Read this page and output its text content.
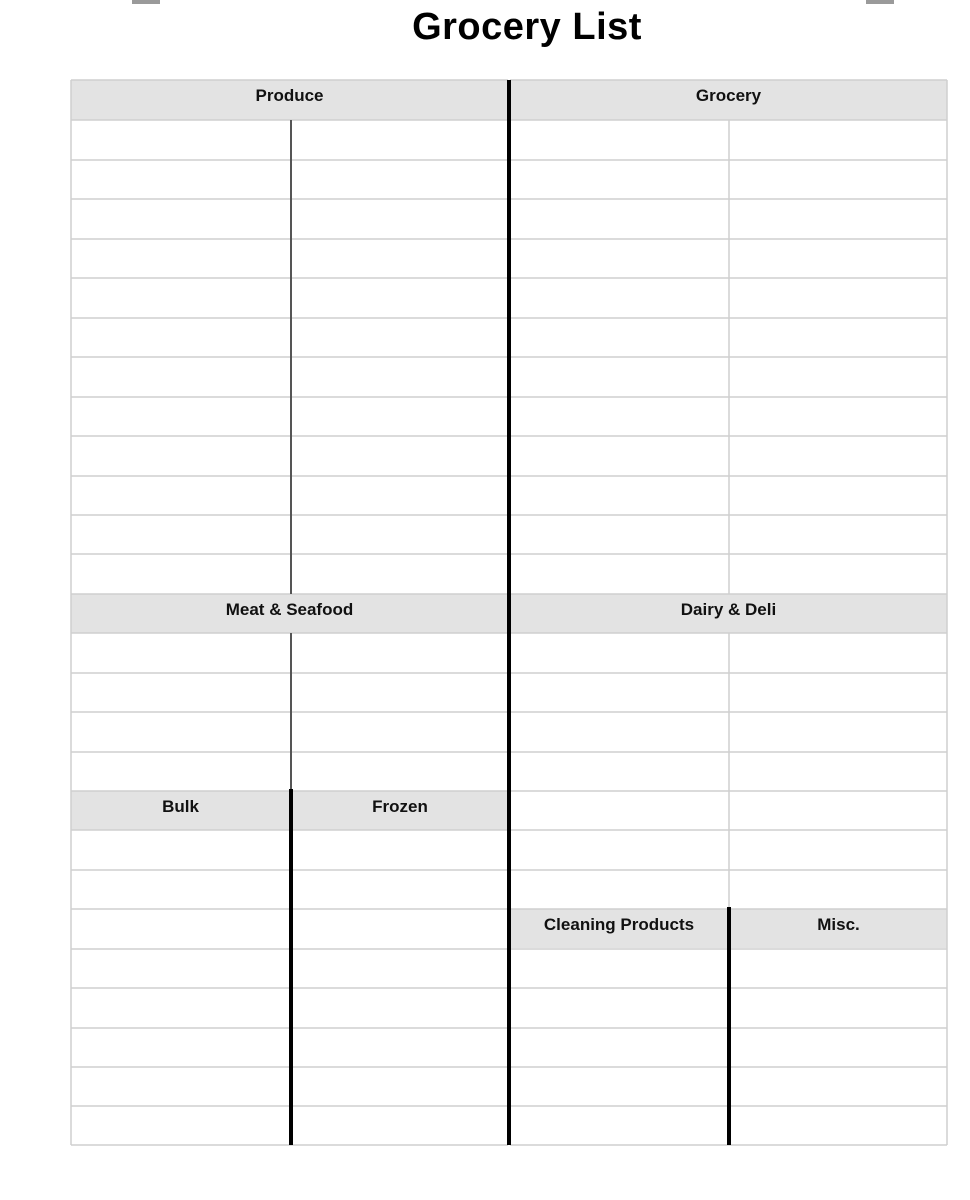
Grocery List
Produce	Grocery
Meat & Seafood	Dairy & Deli
Bulk	Frozen
Cleaning Products	Misc.
